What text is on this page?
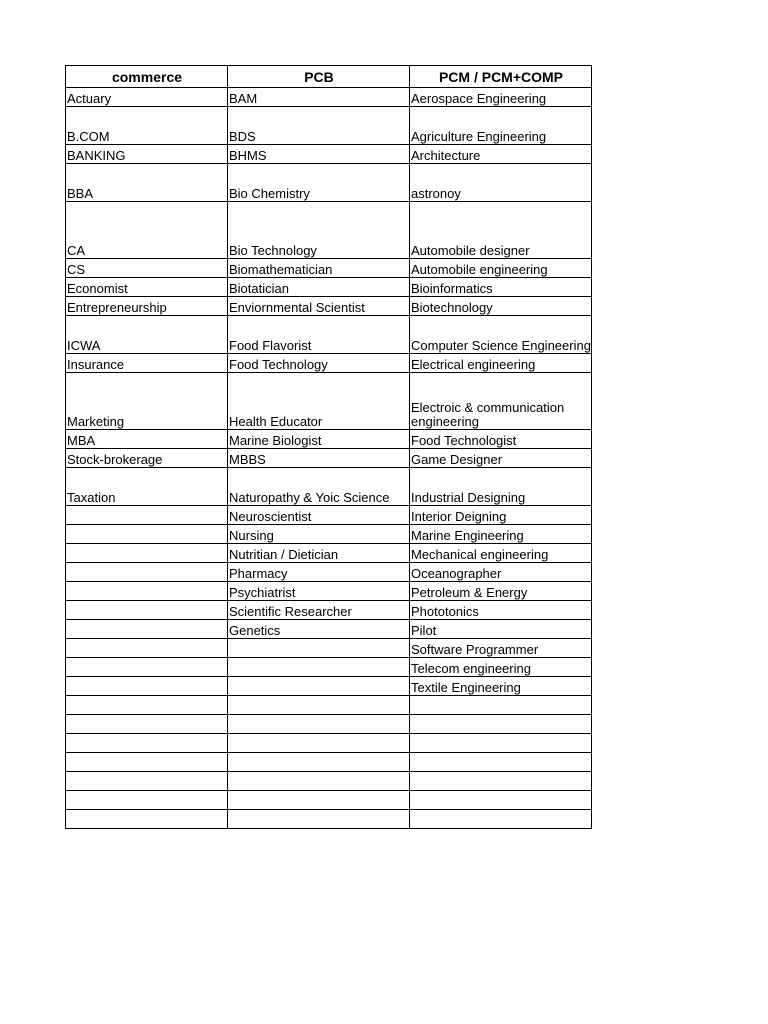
commerce	PCB	PCM / PCM+COMP
Actuary	BAM	Aerospace Engineering
B.COM	BDS	Agriculture Engineering
BANKING	BHMS	Architecture
BBA	Bio Chemistry	astronoy
CA	Bio Technology	Automobile designer
CS	Biomathematician	Automobile engineering
Economist	Biotatician	Bioinformatics
Entrepreneurship	Enviornmental Scientist	Biotechnology
ICWA	Food Flavorist	Computer Science Engineering
Insurance	Food Technology	Electrical engineering
Marketing	Health Educator	Electroic & communication engineering
MBA	Marine Biologist	Food Technologist
Stock-brokerage	MBBS	Game Designer
Taxation	Naturopathy & Yoic Science	Industrial Designing
	Neuroscientist	Interior Deigning
	Nursing	Marine Engineering
	Nutritian / Dietician	Mechanical engineering
	Pharmacy	Oceanographer
	Psychiatrist	Petroleum & Energy
	Scientific Researcher	Phototonics
	Genetics	Pilot
		Software Programmer
		Telecom engineering
		Textile Engineering
